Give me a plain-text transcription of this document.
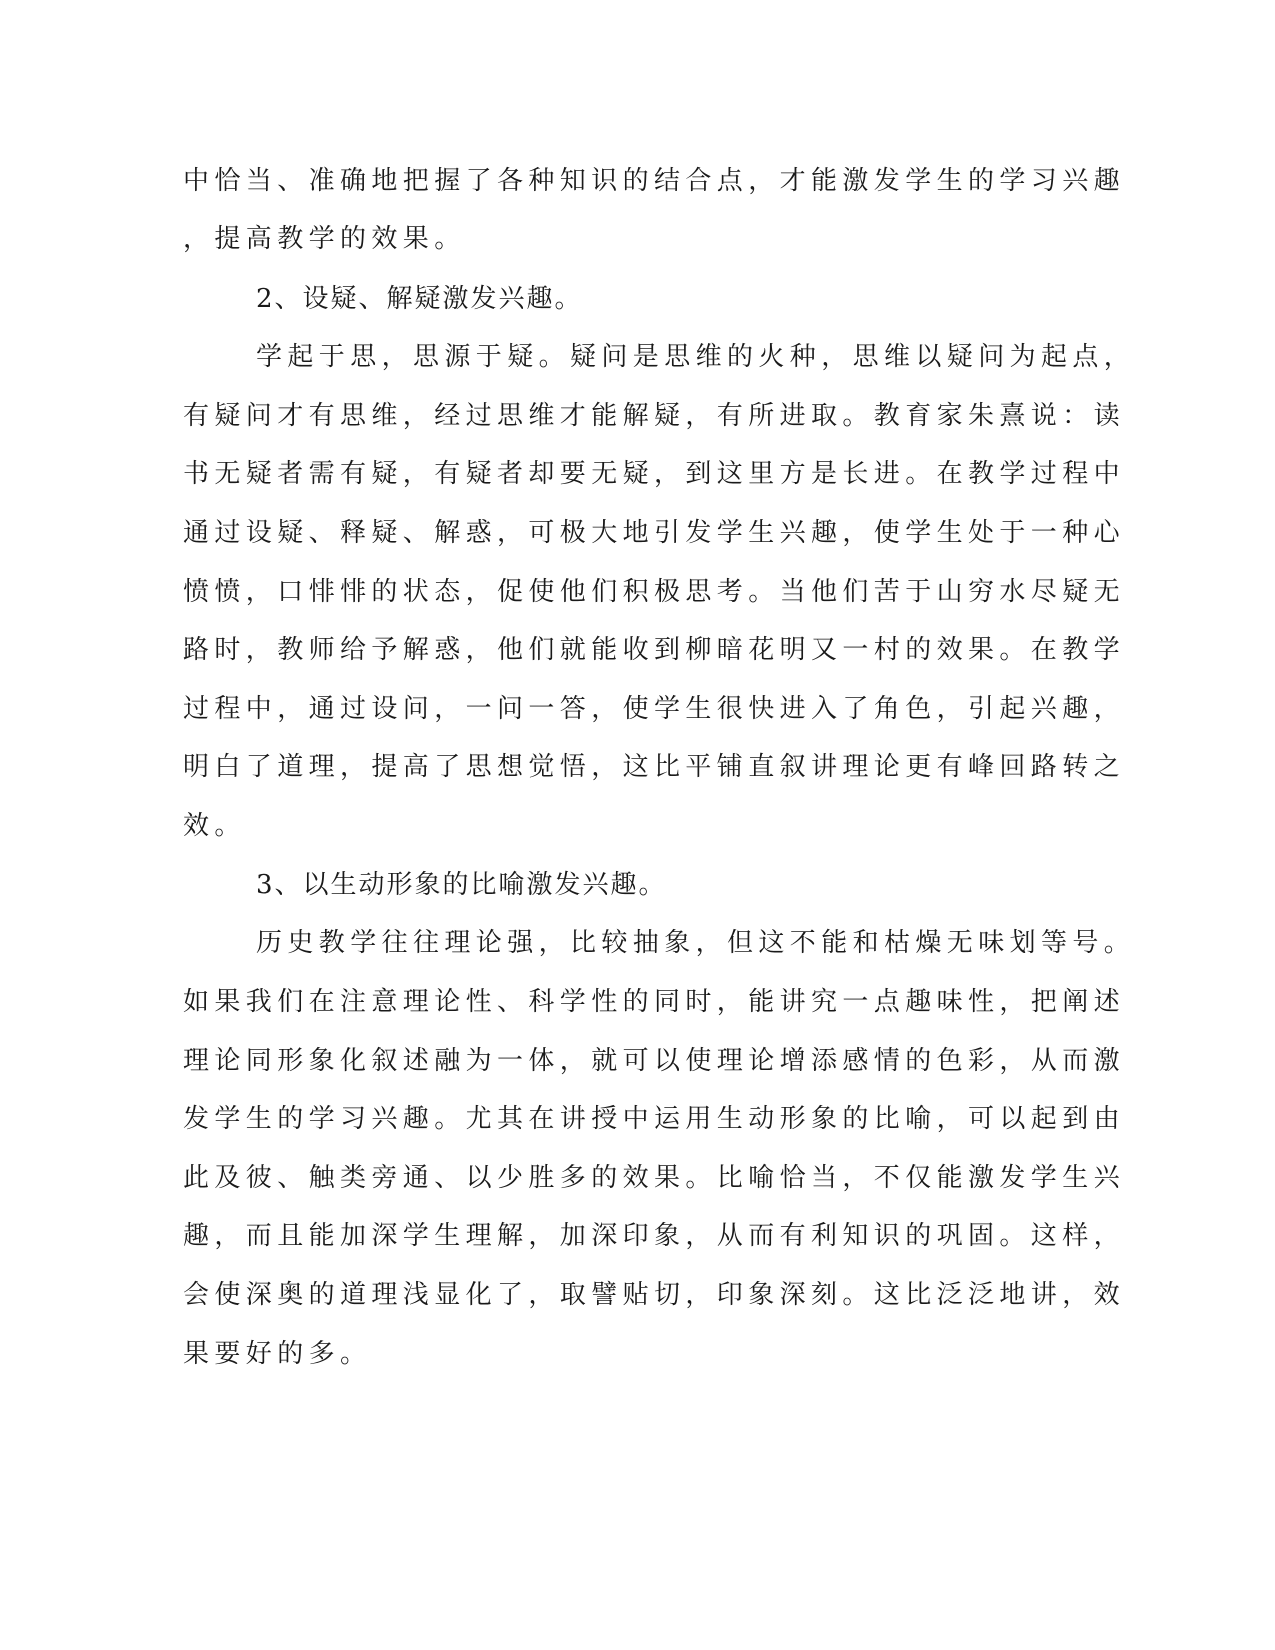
中恰当、准确地把握了各种知识的结合点，才能激发学生的学习兴趣
，提高教学的效果。
2、设疑、解疑激发兴趣。
学起于思，思源于疑。疑问是思维的火种，思维以疑问为起点，
有疑问才有思维，经过思维才能解疑，有所进取。教育家朱熹说：读
书无疑者需有疑，有疑者却要无疑，到这里方是长进。在教学过程中
通过设疑、释疑、解惑，可极大地引发学生兴趣，使学生处于一种心
愤愤，口悱悱的状态，促使他们积极思考。当他们苦于山穷水尽疑无
路时，教师给予解惑，他们就能收到柳暗花明又一村的效果。在教学
过程中，通过设问，一问一答，使学生很快进入了角色，引起兴趣，
明白了道理，提高了思想觉悟，这比平铺直叙讲理论更有峰回路转之
效。
3、以生动形象的比喻激发兴趣。
历史教学往往理论强，比较抽象，但这不能和枯燥无味划等号。
如果我们在注意理论性、科学性的同时，能讲究一点趣味性，把阐述
理论同形象化叙述融为一体，就可以使理论增添感情的色彩，从而激
发学生的学习兴趣。尤其在讲授中运用生动形象的比喻，可以起到由
此及彼、触类旁通、以少胜多的效果。比喻恰当，不仅能激发学生兴
趣，而且能加深学生理解，加深印象，从而有利知识的巩固。这样，
会使深奥的道理浅显化了，取譬贴切，印象深刻。这比泛泛地讲，效
果要好的多。
